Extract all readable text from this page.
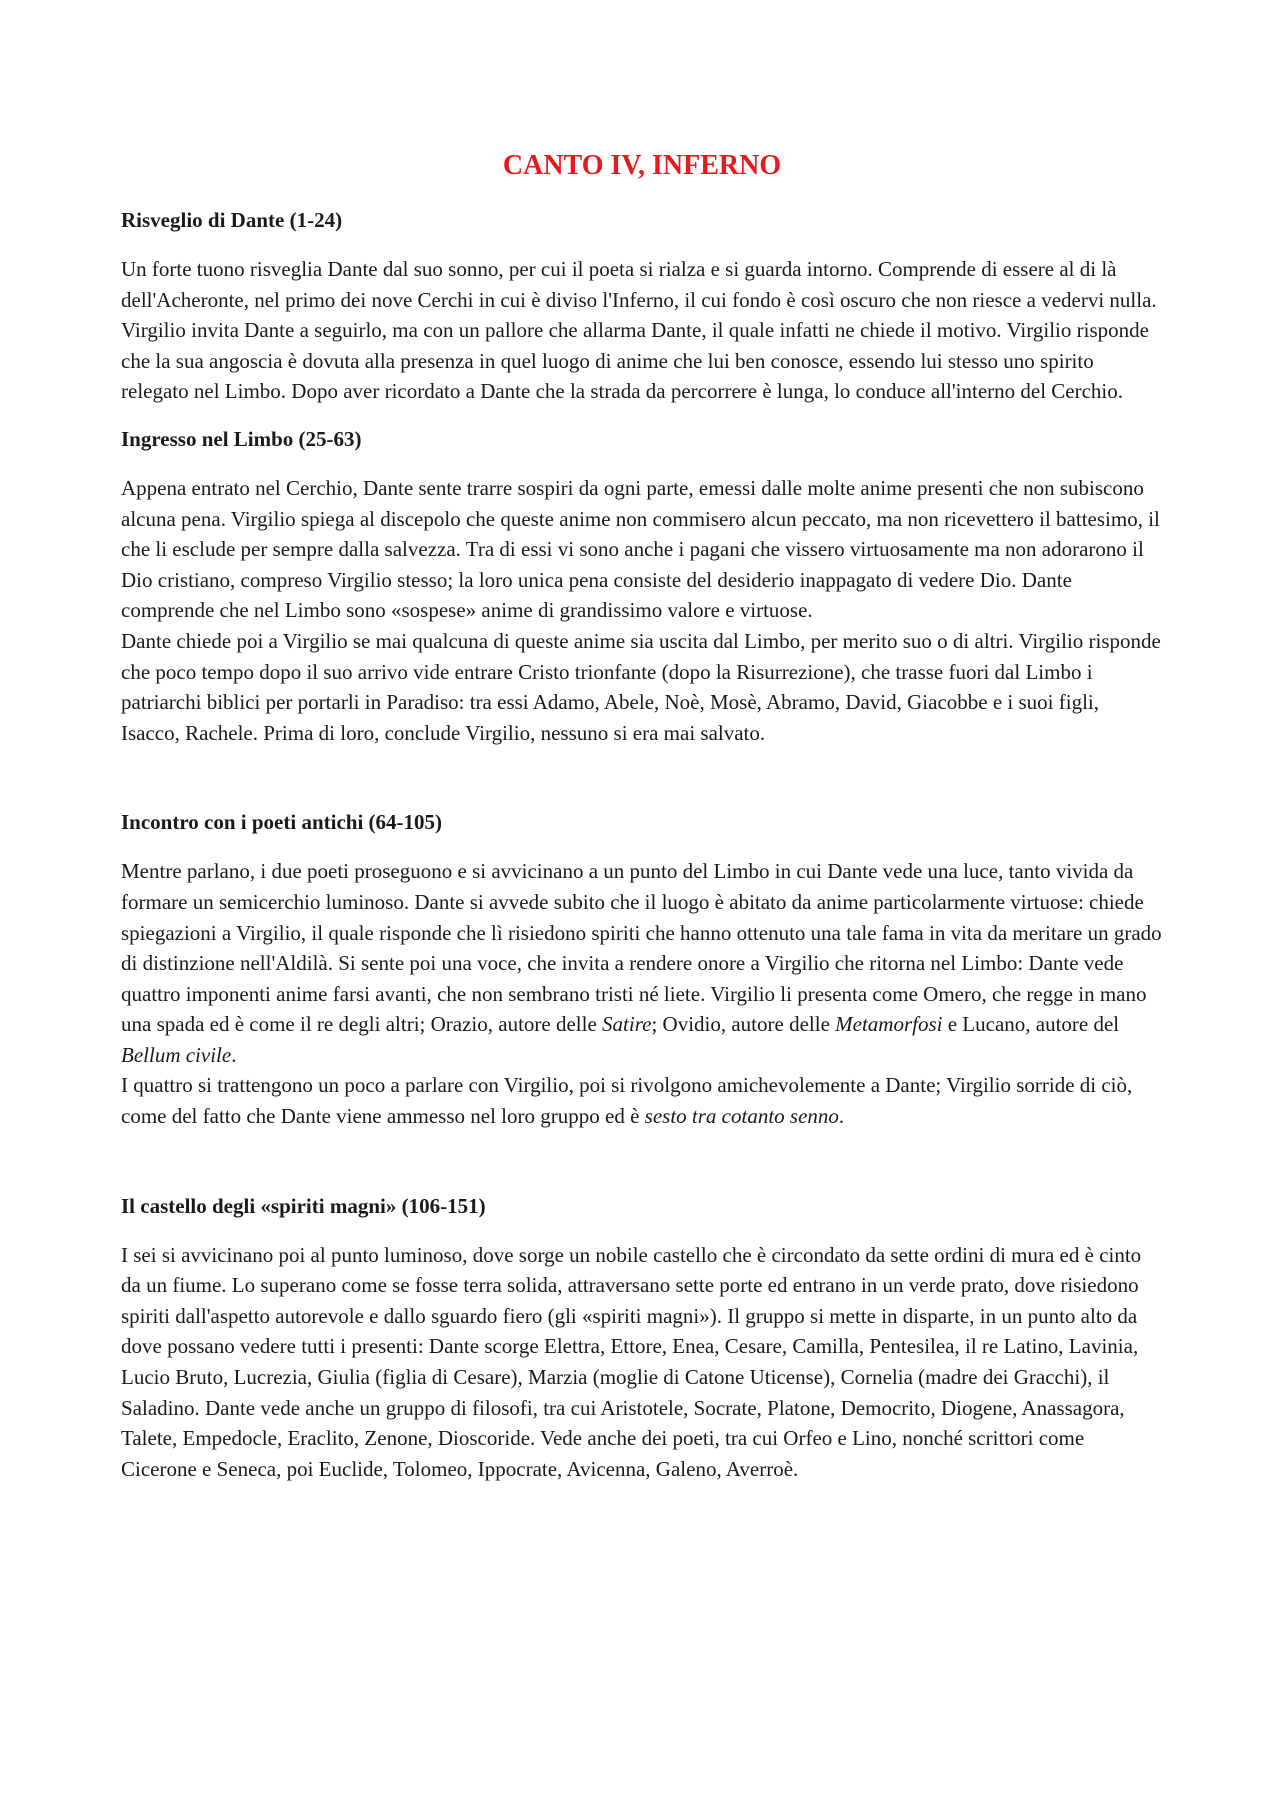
CANTO IV, INFERNO
Risveglio di Dante (1-24)

Un forte tuono risveglia Dante dal suo sonno, per cui il poeta si rialza e si guarda intorno. Comprende di essere al di là dell'Acheronte, nel primo dei nove Cerchi in cui è diviso l'Inferno, il cui fondo è così oscuro che non riesce a vedervi nulla. Virgilio invita Dante a seguirlo, ma con un pallore che allarma Dante, il quale infatti ne chiede il motivo. Virgilio risponde che la sua angoscia è dovuta alla presenza in quel luogo di anime che lui ben conosce, essendo lui stesso uno spirito relegato nel Limbo. Dopo aver ricordato a Dante che la strada da percorrere è lunga, lo conduce all'interno del Cerchio.

Ingresso nel Limbo (25-63)

Appena entrato nel Cerchio, Dante sente trarre sospiri da ogni parte, emessi dalle molte anime presenti che non subiscono alcuna pena. Virgilio spiega al discepolo che queste anime non commisero alcun peccato, ma non ricevettero il battesimo, il che li esclude per sempre dalla salvezza. Tra di essi vi sono anche i pagani che vissero virtuosamente ma non adorarono il Dio cristiano, compreso Virgilio stesso; la loro unica pena consiste del desiderio inappagato di vedere Dio. Dante comprende che nel Limbo sono «sospese» anime di grandissimo valore e virtuose.

Dante chiede poi a Virgilio se mai qualcuna di queste anime sia uscita dal Limbo, per merito suo o di altri. Virgilio risponde che poco tempo dopo il suo arrivo vide entrare Cristo trionfante (dopo la Risurrezione), che trasse fuori dal Limbo i patriarchi biblici per portarli in Paradiso: tra essi Adamo, Abele, Noè, Mosè, Abramo, David, Giacobbe e i suoi figli, Isacco, Rachele. Prima di loro, conclude Virgilio, nessuno si era mai salvato.

Incontro con i poeti antichi (64-105)

Mentre parlano, i due poeti proseguono e si avvicinano a un punto del Limbo in cui Dante vede una luce, tanto vivida da formare un semicerchio luminoso. Dante si avvede subito che il luogo è abitato da anime particolarmente virtuose: chiede spiegazioni a Virgilio, il quale risponde che lì risiedono spiriti che hanno ottenuto una tale fama in vita da meritare un grado di distinzione nell'Aldilà. Si sente poi una voce, che invita a rendere onore a Virgilio che ritorna nel Limbo: Dante vede quattro imponenti anime farsi avanti, che non sembrano tristi né liete. Virgilio li presenta come Omero, che regge in mano una spada ed è come il re degli altri; Orazio, autore delle Satire; Ovidio, autore delle Metamorfosi e Lucano, autore del Bellum civile.

I quattro si trattengono un poco a parlare con Virgilio, poi si rivolgono amichevolemente a Dante; Virgilio sorride di ciò, come del fatto che Dante viene ammesso nel loro gruppo ed è sesto tra cotanto senno.

Il castello degli «spiriti magni» (106-151)

I sei si avvicinano poi al punto luminoso, dove sorge un nobile castello che è circondato da sette ordini di mura ed è cinto da un fiume. Lo superano come se fosse terra solida, attraversano sette porte ed entrano in un verde prato, dove risiedono spiriti dall'aspetto autorevole e dallo sguardo fiero (gli «spiriti magni»). Il gruppo si mette in disparte, in un punto alto da dove possano vedere tutti i presenti: Dante scorge Elettra, Ettore, Enea, Cesare, Camilla, Pentesilea, il re Latino, Lavinia, Lucio Bruto, Lucrezia, Giulia (figlia di Cesare), Marzia (moglie di Catone Uticense), Cornelia (madre dei Gracchi), il Saladino. Dante vede anche un gruppo di filosofi, tra cui Aristotele, Socrate, Platone, Democrito, Diogene, Anassagora, Talete, Empedocle, Eraclito, Zenone, Dioscoride. Vede anche dei poeti, tra cui Orfeo e Lino, nonché scrittori come Cicerone e Seneca, poi Euclide, Tolomeo, Ippocrate, Avicenna, Galeno, Averroè.
